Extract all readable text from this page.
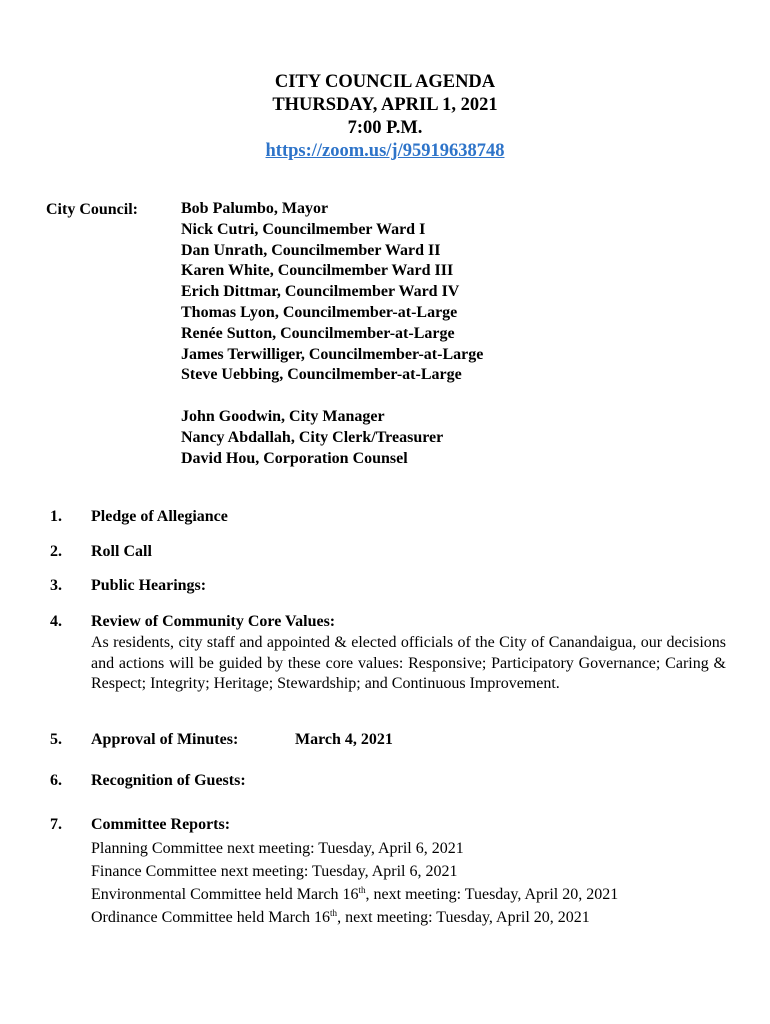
CITY COUNCIL AGENDA
THURSDAY, APRIL 1, 2021
7:00 P.M.
https://zoom.us/j/95919638748
City Council:	Bob Palumbo, Mayor
Nick Cutri, Councilmember Ward I
Dan Unrath, Councilmember Ward II
Karen White, Councilmember Ward III
Erich Dittmar, Councilmember Ward IV
Thomas Lyon, Councilmember-at-Large
Renée Sutton, Councilmember-at-Large
James Terwilliger, Councilmember-at-Large
Steve Uebbing, Councilmember-at-Large
John Goodwin, City Manager
Nancy Abdallah, City Clerk/Treasurer
David Hou, Corporation Counsel
1. Pledge of Allegiance
2. Roll Call
3. Public Hearings:
4. Review of Community Core Values:
As residents, city staff and appointed & elected officials of the City of Canandaigua, our decisions and actions will be guided by these core values: Responsive; Participatory Governance; Caring & Respect; Integrity; Heritage; Stewardship; and Continuous Improvement.
5. Approval of Minutes:	March 4, 2021
6. Recognition of Guests:
7. Committee Reports:
Planning Committee next meeting: Tuesday, April 6, 2021
Finance Committee next meeting: Tuesday, April 6, 2021
Environmental Committee held March 16th, next meeting: Tuesday, April 20, 2021
Ordinance Committee held March 16th, next meeting: Tuesday, April 20, 2021
